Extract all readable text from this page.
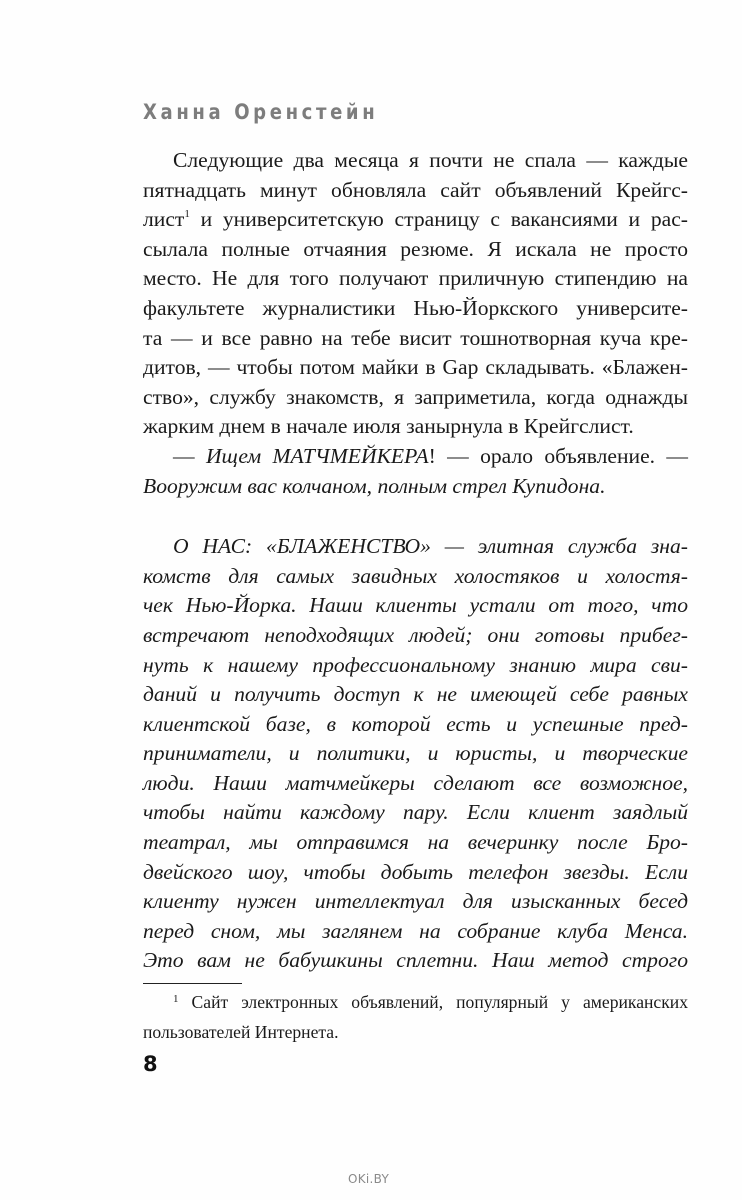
Ханна Оренстейн
Следующие два месяца я почти не спала — каждые
пятнадцать минут обновляла сайт объявлений Крейгс-
лист$^1$ и университетскую страницу с вакансиями и рас-
сылала полные отчаяния резюме. Я искала не просто
место. Не для того получают приличную стипендию на
факультете журналистики Нью-Йоркского университе-
та — и все равно на тебе висит тошнотворная куча кре-
дитов, — чтобы потом майки в Gap складывать. «Блажен-
ство», службу знакомств, я заприметила, когда однажды
жарким днем в начале июля занырнула в Крейгслист.
— Ищем МАТЧМЕЙКЕРА! — орало объявление. —
Вооружим вас колчаном, полным стрел Купидона.
О НАС: «БЛАЖЕНСТВО» — элитная служба зна-
комств для самых завидных холостяков и холостя-
чек Нью-Йорка. Наши клиенты устали от того, что
встречают неподходящих людей; они готовы прибег-
нуть к нашему профессиональному знанию мира сви-
даний и получить доступ к не имеющей себе равных
клиентской базе, в которой есть и успешные пред-
приниматели, и политики, и юристы, и творческие
люди. Наши матчмейкеры сделают все возможное,
чтобы найти каждому пару. Если клиент заядлый
театрал, мы отправимся на вечеринку после Бро-
двейского шоу, чтобы добыть телефон звезды. Если
клиенту нужен интеллектуал для изысканных бесед
перед сном, мы заглянем на собрание клуба Менса.
Это вам не бабушкины сплетни. Наш метод строго
$^1$ Сайт электронных объявлений, популярный у американских
пользователей Интернета.
8
OKi.BY
